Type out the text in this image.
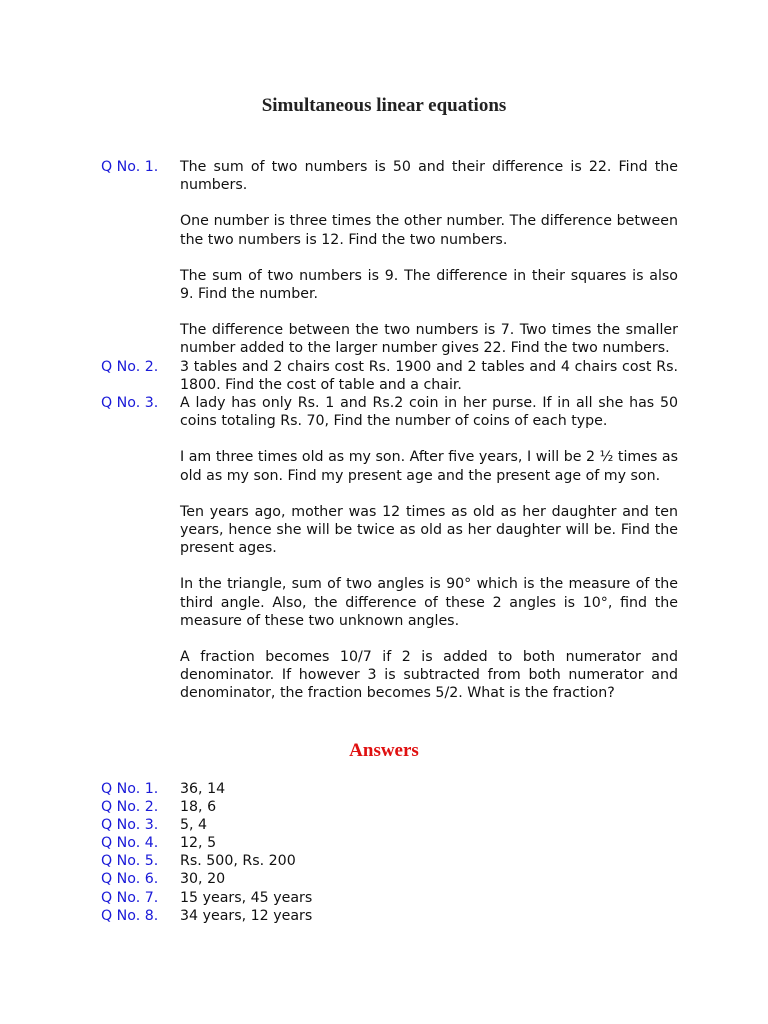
Simultaneous linear equations
Q No. 1. The sum of two numbers is 50 and their difference is 22. Find the numbers.
One number is three times the other number. The difference between the two numbers is 12. Find the two numbers.
The sum of two numbers is 9. The difference in their squares is also 9. Find the number.
The difference between the two numbers is 7. Two times the smaller number added to the larger number gives 22. Find the two numbers.
Q No. 2. 3 tables and 2 chairs cost Rs. 1900 and 2 tables and 4 chairs cost Rs. 1800. Find the cost of table and a chair.
Q No. 3. A lady has only Rs. 1 and Rs.2 coin in her purse. If in all she has 50 coins totaling Rs. 70, Find the number of coins of each type.
I am three times old as my son. After five years, I will be 2 ½ times as old as my son. Find my present age and the present age of my son.
Ten years ago, mother was 12 times as old as her daughter and ten years, hence she will be twice as old as her daughter will be. Find the present ages.
In the triangle, sum of two angles is 90° which is the measure of the third angle. Also, the difference of these 2 angles is 10°, find the measure of these two unknown angles.
A fraction becomes 10/7 if 2 is added to both numerator and denominator. If however 3 is subtracted from both numerator and denominator, the fraction becomes 5/2. What is the fraction?
Answers
Q No. 1. 36, 14
Q No. 2. 18, 6
Q No. 3. 5, 4
Q No. 4. 12, 5
Q No. 5. Rs. 500, Rs. 200
Q No. 6. 30, 20
Q No. 7. 15 years, 45 years
Q No. 8. 34 years, 12 years
